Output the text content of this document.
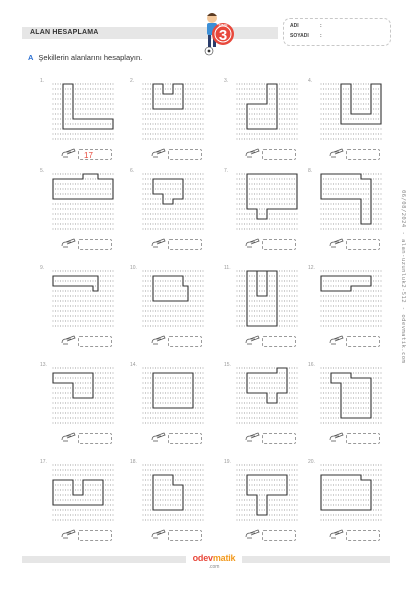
ALAN HESAPLAMA
SINIF
3
ADI	:
SOYADI :
A Şekillerin alanlarını hesaplayın.
1.
17
2.	3.	4.
5.	6.	7.	8.
9.	10.	11.	12.
13.	14.	15.	16.
17.	18.	19.	20.
06/08/2024 - alan-uzunluk2-512 - odevmatik.com
odevmatik
.com
